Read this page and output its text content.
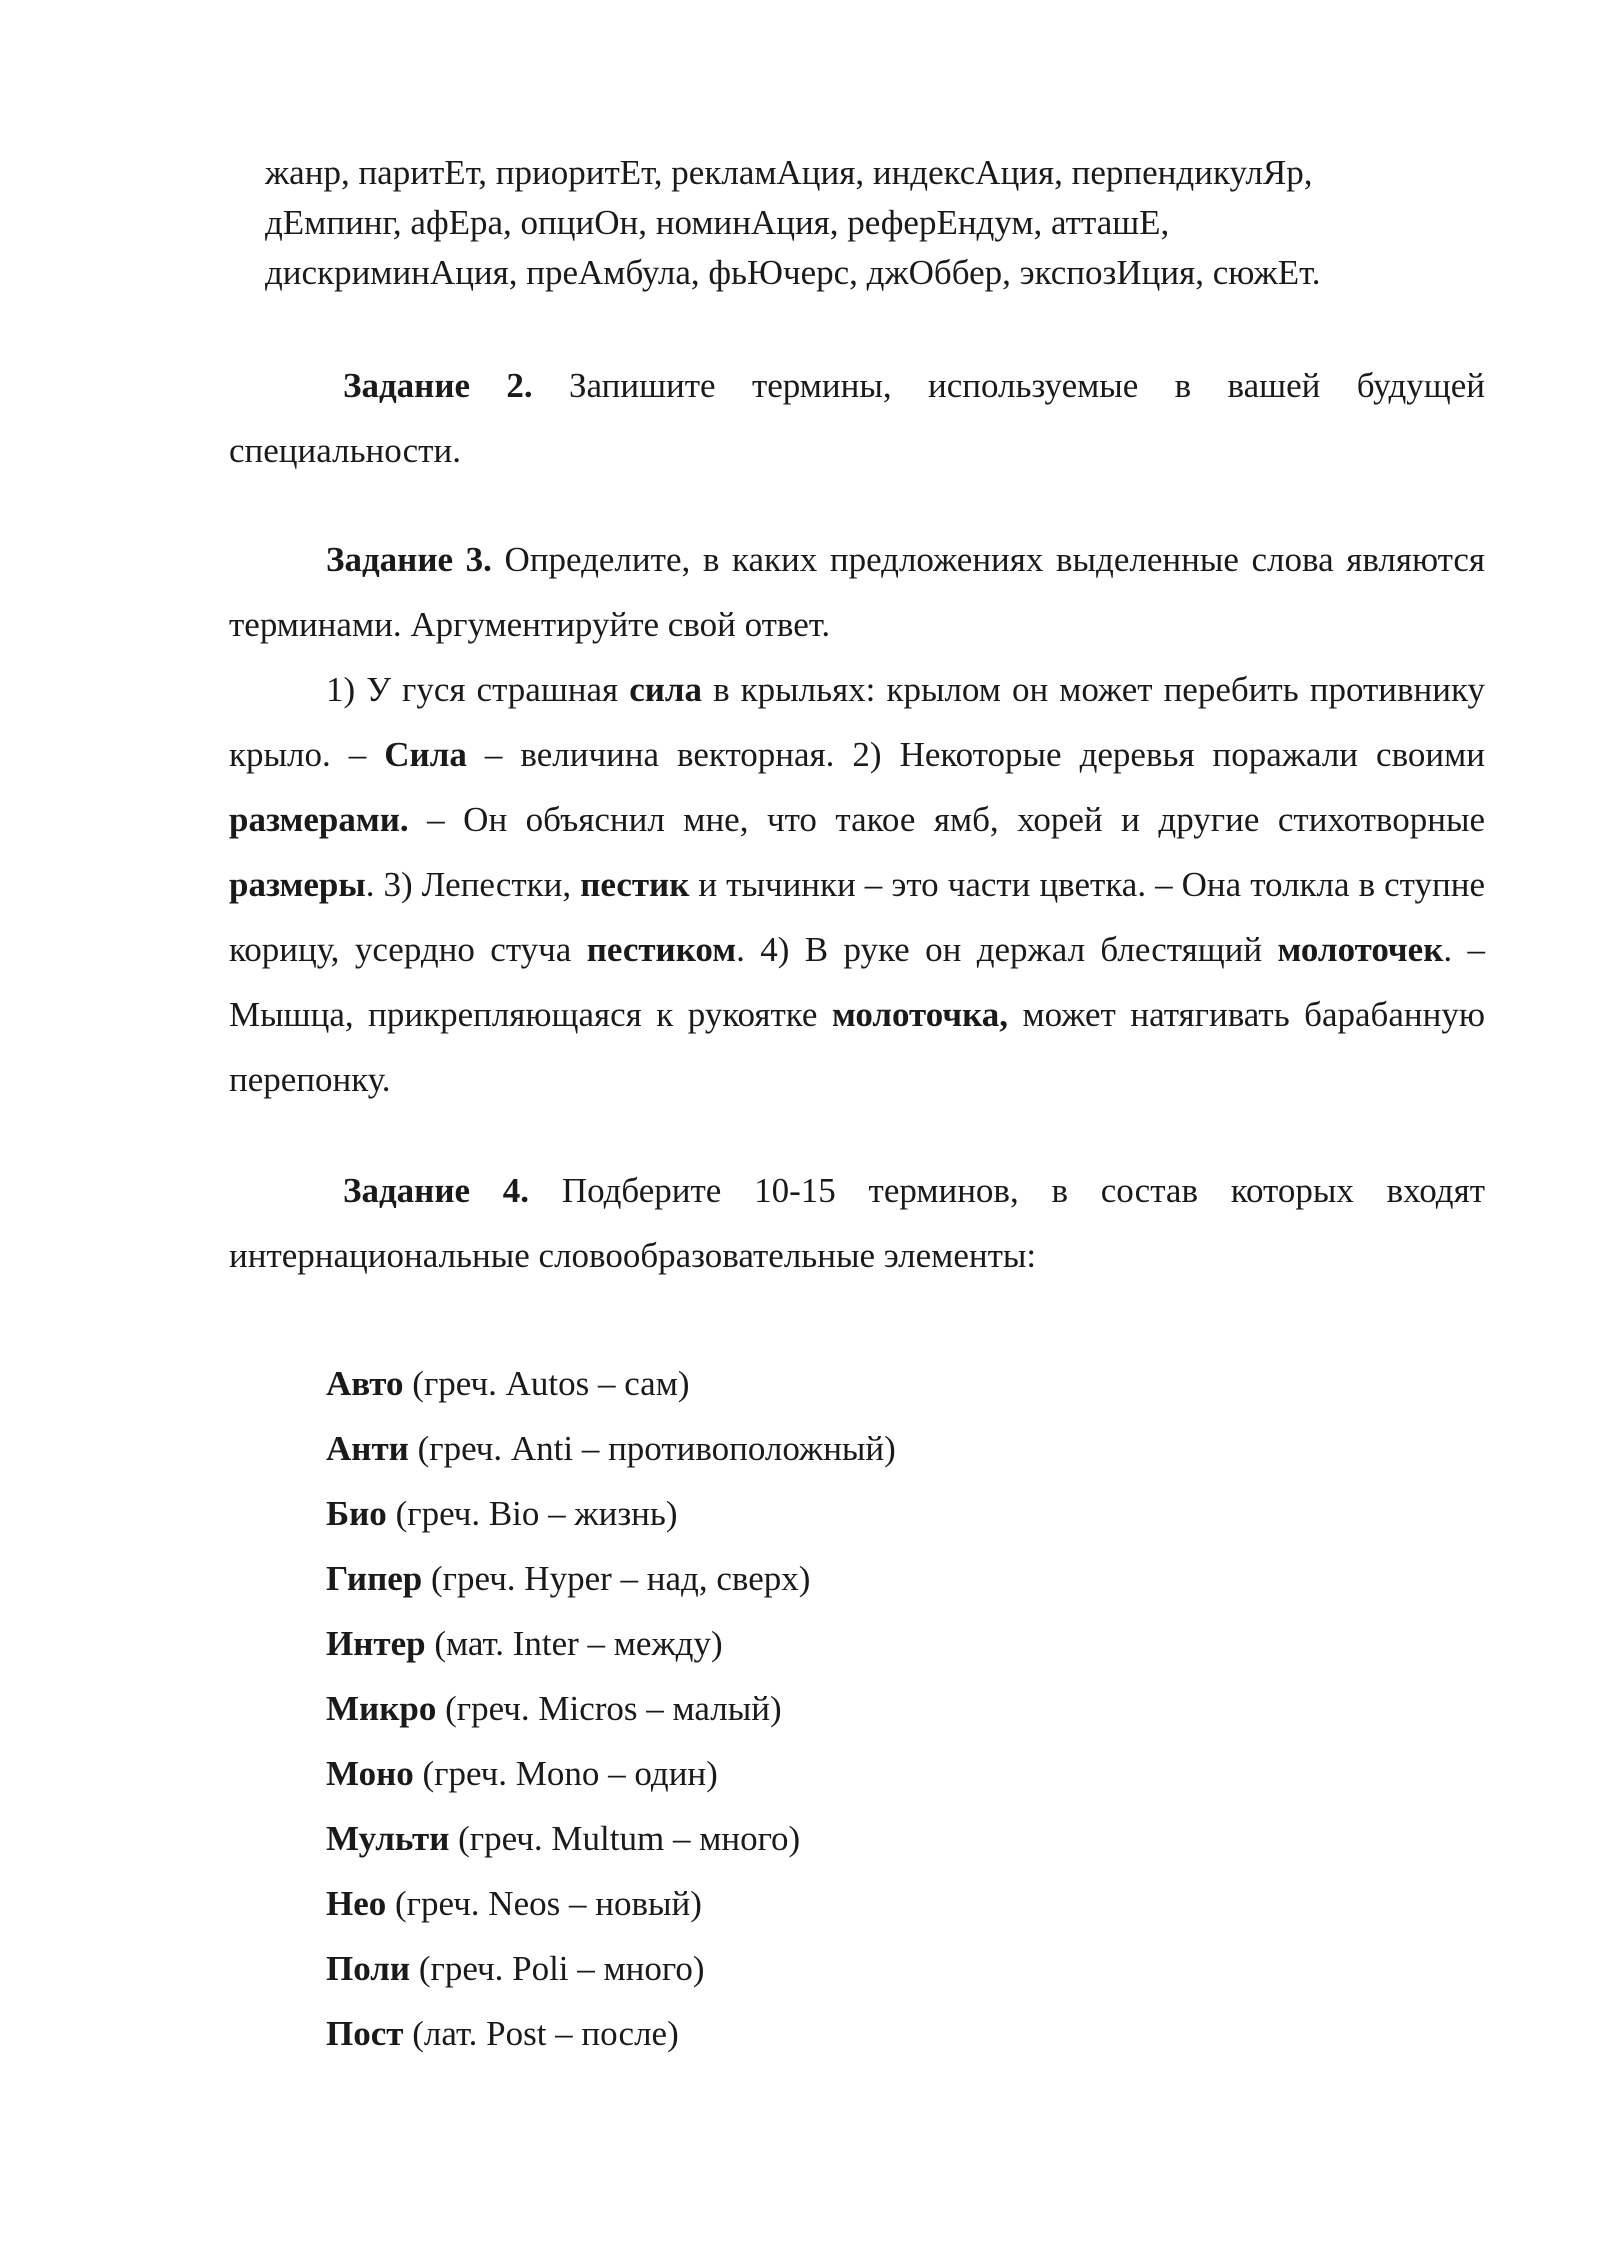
жанр, паритЕт, приоритЕт, рекламАция, индексАция, перпендикулЯр,
дЕмпинг, афЕра, опциОн, номинАция, реферЕндум, атташЕ,
дискриминАция, преАмбула, фьЮчерс, джОббер, экспозИция, сюжЕт.

Задание 2. Запишите термины, используемые в вашей будущей специальности.

Задание 3. Определите, в каких предложениях выделенные слова являются терминами. Аргументируйте свой ответ.

1) У гуся страшная сила в крыльях: крылом он может перебить противнику крыло. – Сила – величина векторная. 2) Некоторые деревья поражали своими размерами. – Он объяснил мне, что такое ямб, хорей и другие стихотворные размеры. 3) Лепестки, пестик и тычинки – это части цветка. – Она толкла в ступне корицу, усердно стуча пестиком. 4) В руке он держал блестящий молоточек. – Мышца, прикрепляющаяся к рукоятке молоточка, может натягивать барабанную перепонку.

Задание 4. Подберите 10-15 терминов, в состав которых входят интернациональные словообразовательные элементы:

Авто (греч. Autos – сам)
Анти (греч. Anti – противоположный)
Био (греч. Bio – жизнь)
Гипер (греч. Hyper – над, сверх)
Интер (мат. Inter – между)
Микро (греч. Micros – малый)
Моно (греч. Mono – один)
Мульти (греч. Multum – много)
Нео (греч. Neos – новый)
Поли (греч. Poli – много)
Пост (лат. Post – после)
